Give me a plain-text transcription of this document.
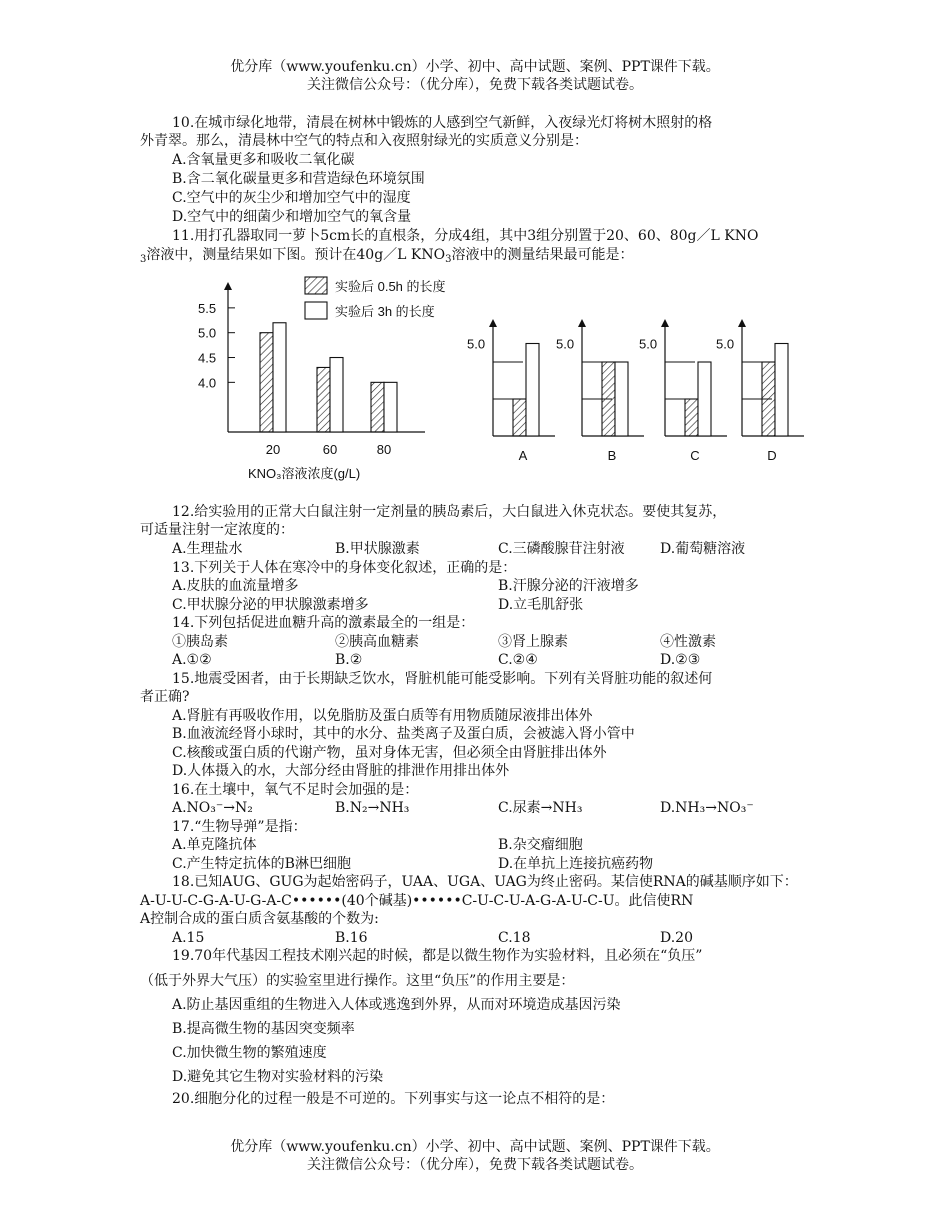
优分库（www.youfenku.cn）小学、初中、高中试题、案例、PPT课件下载。
关注微信公众号：（优分库），免费下载各类试题试卷。
10.在城市绿化地带，清晨在树林中锻炼的人感到空气新鲜，入夜绿光灯将树木照射的格
外青翠。那么，清晨林中空气的特点和入夜照射绿光的实质意义分别是：
A.含氧量更多和吸收二氧化碳
B.含二氧化碳量更多和营造绿色环境氛围
C.空气中的灰尘少和增加空气中的湿度
D.空气中的细菌少和增加空气的氧含量
11.用打孔器取同一萝卜5cm长的直根条，分成4组，其中3组分别置于20、60、80g／L KNO
$_3$溶液中，测量结果如下图。预计在40g／L $KNO_3$溶液中的测量结果最可能是：
5.5
5.0
4.5
4.0
20	60	80
KNO₃溶液浓度(g/L)
实验后 0.5h 的长度
实验后 3h 的长度
5.0
A
5.0
B
5.0
C
5.0
D
12.给实验用的正常大白鼠注射一定剂量的胰岛素后，大白鼠进入休克状态。要使其复苏，
可适量注射一定浓度的：
A.生理盐水	B.甲状腺激素	C.三磷酸腺苷注射液	D.葡萄糖溶液
13.下列关于人体在寒冷中的身体变化叙述，正确的是：
A.皮肤的血流量增多	B.汗腺分泌的汗液增多
C.甲状腺分泌的甲状腺激素增多	D.立毛肌舒张
14.下列包括促进血糖升高的激素最全的一组是：
①胰岛素	②胰高血糖素	③肾上腺素	④性激素
A.①②	B.②	C.②④	D.②③
15.地震受困者，由于长期缺乏饮水，肾脏机能可能受影响。下列有关肾脏功能的叙述何
者正确?
A.肾脏有再吸收作用，以免脂肪及蛋白质等有用物质随尿液排出体外
B.血液流经肾小球时，其中的水分、盐类离子及蛋白质，会被滤入肾小管中
C.核酸或蛋白质的代谢产物，虽对身体无害，但必须全由肾脏排出体外
D.人体摄入的水，大部分经由肾脏的排泄作用排出体外
16.在土壤中，氧气不足时会加强的是：
A.NO₃⁻→N₂	B.N₂→NH₃	C.尿素→NH₃	D.NH₃→NO₃⁻
17.“生物导弹”是指：
A.单克隆抗体	B.杂交瘤细胞
C.产生特定抗体的B淋巴细胞	D.在单抗上连接抗癌药物
18.已知AUG、GUG为起始密码子，UAA、UGA、UAG为终止密码。某信使RNA的碱基顺序如下：
A-U-U-C-G-A-U-G-A-C••••••(40个碱基)••••••C-U-C-U-A-G-A-U-C-U。此信使RN
A控制合成的蛋白质含氨基酸的个数为:
A.15	B.16	C.18	D.20
19.70年代基因工程技术刚兴起的时候，都是以微生物作为实验材料，且必须在“负压”
（低于外界大气压）的实验室里进行操作。这里“负压”的作用主要是：
A.防止基因重组的生物进入人体或逃逸到外界，从而对环境造成基因污染
B.提高微生物的基因突变频率
C.加快微生物的繁殖速度
D.避免其它生物对实验材料的污染
20.细胞分化的过程一般是不可逆的。下列事实与这一论点不相符的是：
优分库（www.youfenku.cn）小学、初中、高中试题、案例、PPT课件下载。
关注微信公众号：（优分库），免费下载各类试题试卷。
